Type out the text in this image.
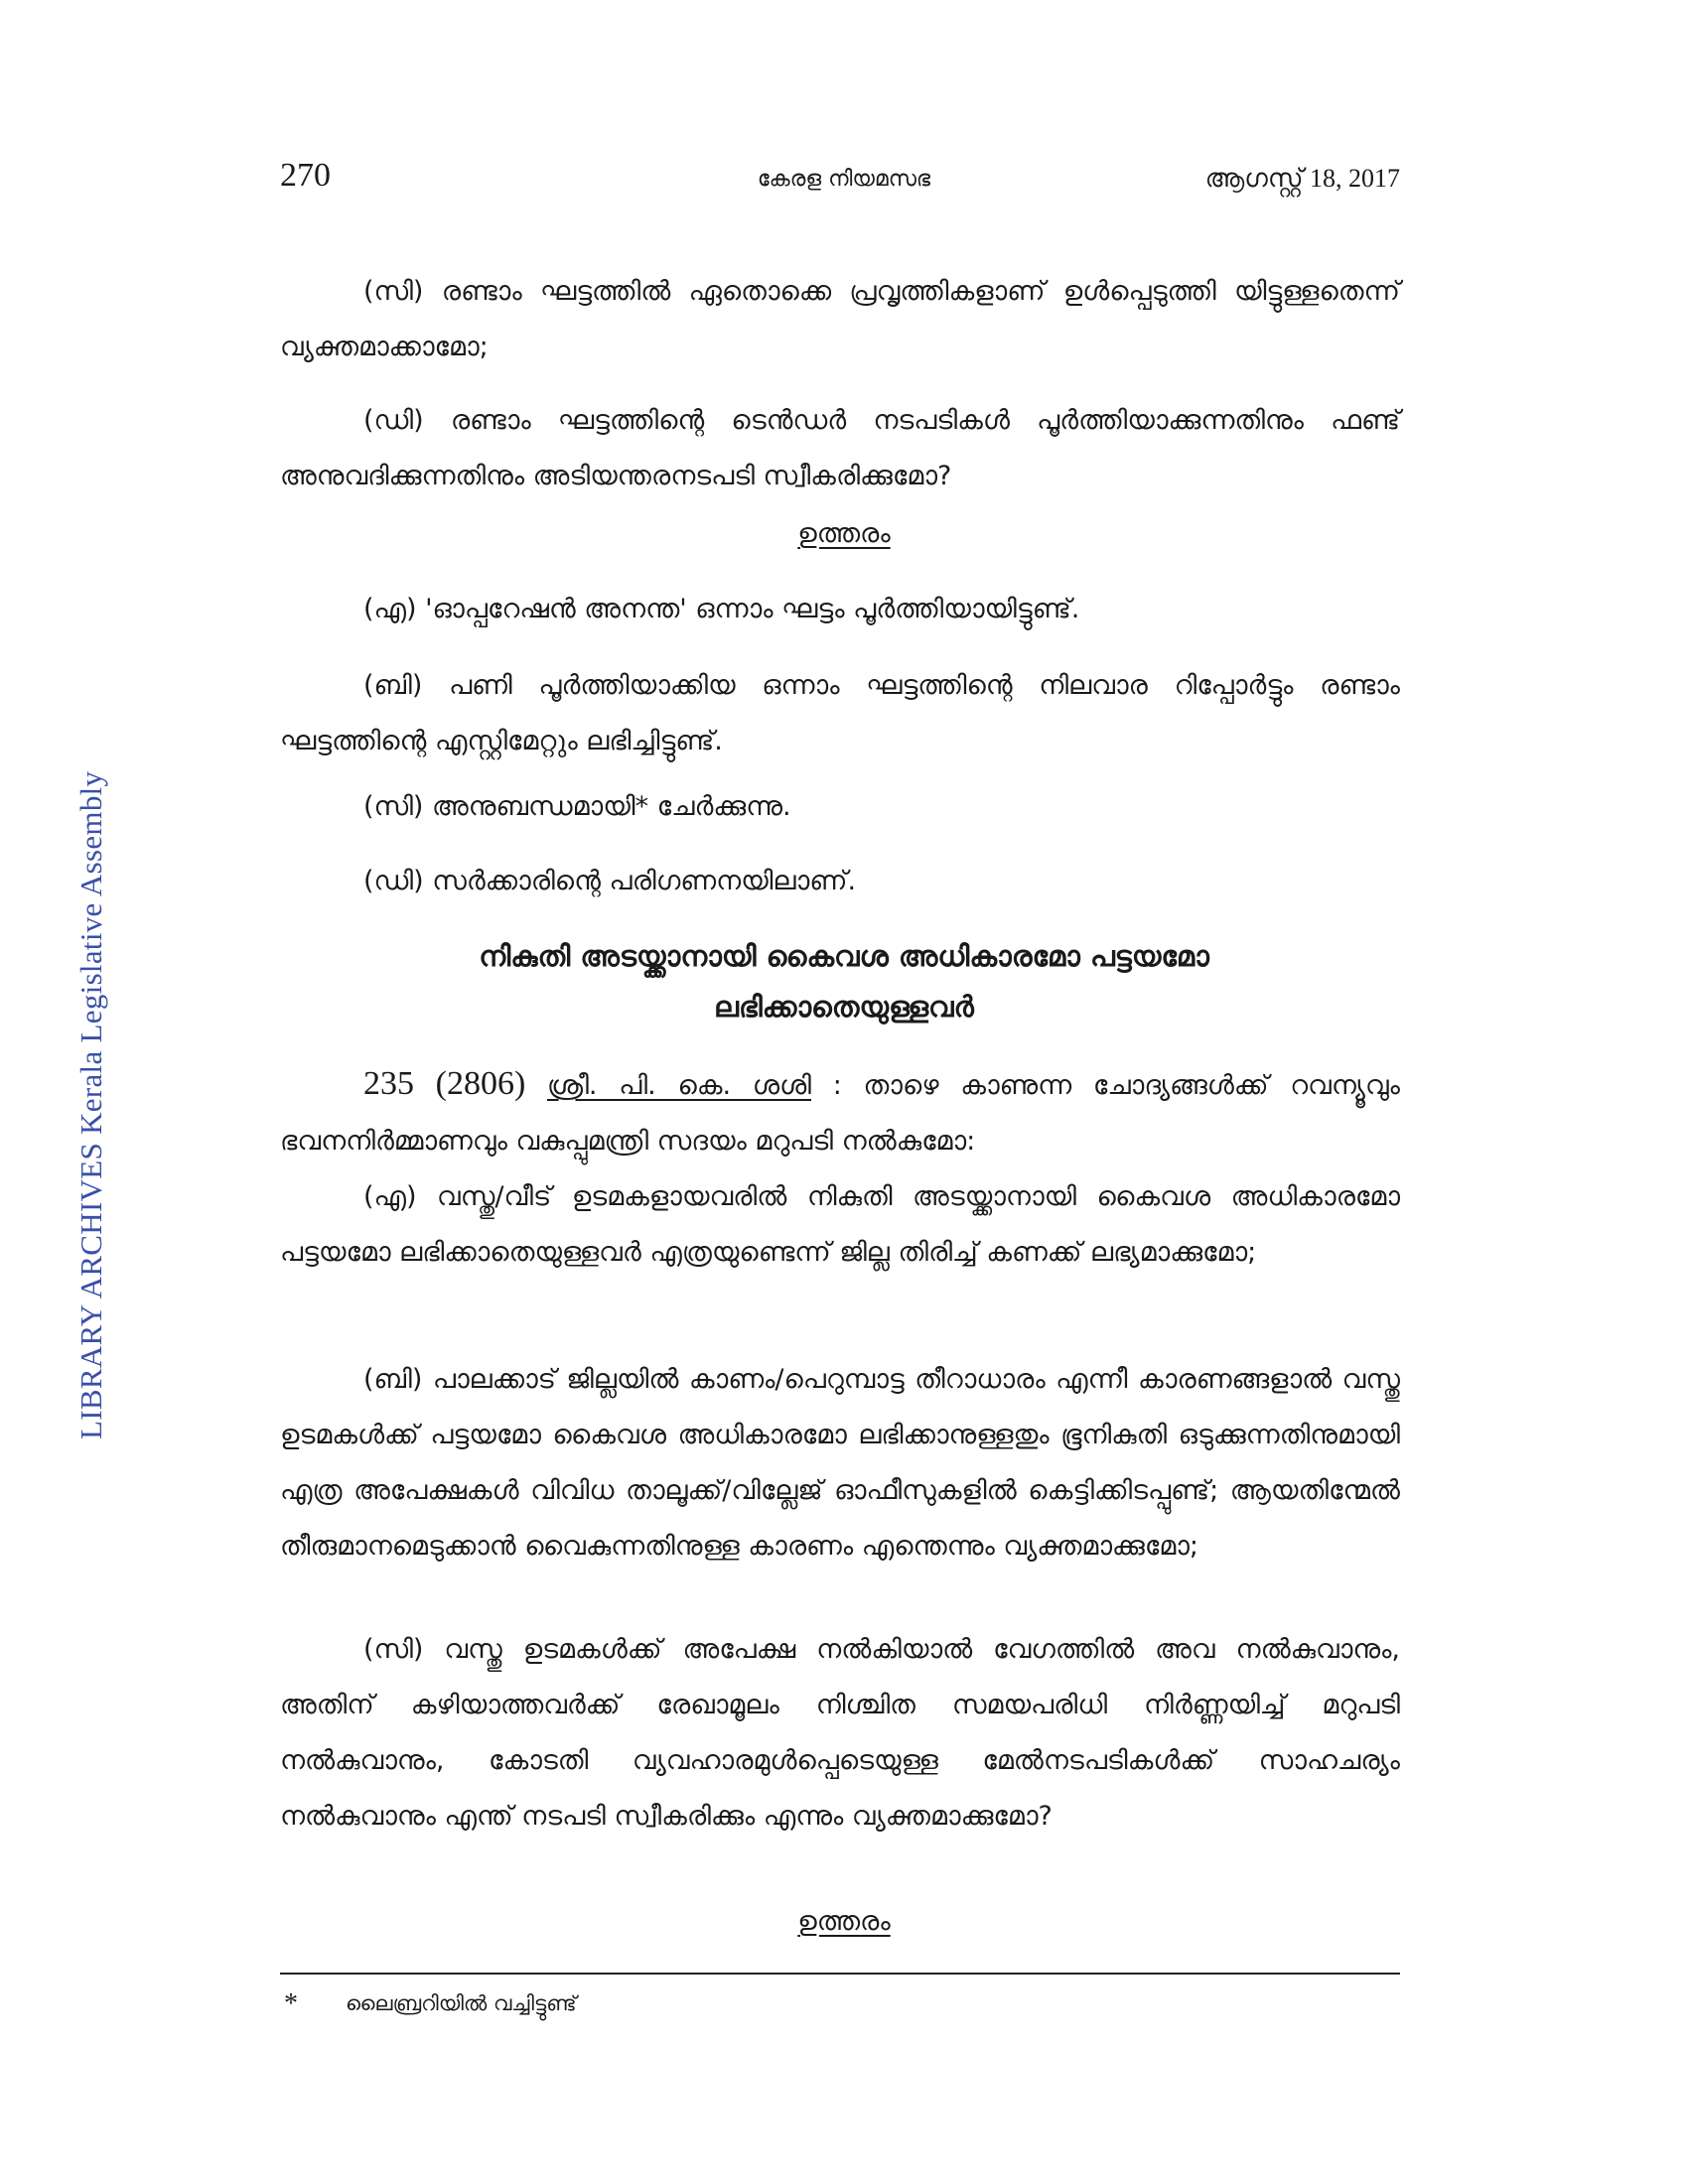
270	കേരള നിയമസഭ	ആഗസ്റ്റ് 18, 2017
LIBRARY ARCHIVES Kerala Legislative Assembly

(സി) രണ്ടാം ഘട്ടത്തിൽ ഏതൊക്കെ പ്രവൃത്തികളാണ് ഉൾപ്പെടുത്തി യിട്ടുള്ളതെന്ന് വ്യക്തമാക്കാമോ;

(ഡി) രണ്ടാം ഘട്ടത്തിന്റെ ടെൻഡർ നടപടികൾ പൂർത്തിയാക്കുന്നതിനും ഫണ്ട് അനുവദിക്കുന്നതിനും അടിയന്തരനടപടി സ്വീകരിക്കുമോ?

ഉത്തരം
(എ) 'ഓപ്പറേഷൻ അനന്ത' ഒന്നാം ഘട്ടം പൂർത്തിയായിട്ടുണ്ട്.

(ബി) പണി പൂർത്തിയാക്കിയ ഒന്നാം ഘട്ടത്തിന്റെ നിലവാര റിപ്പോർട്ടും രണ്ടാം ഘട്ടത്തിന്റെ എസ്റ്റിമേറ്റും ലഭിച്ചിട്ടുണ്ട്.

(സി) അനുബന്ധമായി* ചേർക്കുന്നു.
(ഡി) സർക്കാരിന്റെ പരിഗണനയിലാണ്.
നികുതി അടയ്ക്കാനായി കൈവശ അധികാരമോ പട്ടയമോ
ലഭിക്കാതെയുള്ളവർ

235 (2806) ശ്രീ. പി. കെ. ശശി : താഴെ കാണുന്ന ചോദ്യങ്ങൾക്ക് റവന്യൂവും ഭവനനിർമ്മാണവും വകുപ്പുമന്ത്രി സദയം മറുപടി നൽകുമോ:

(എ) വസ്തു/വീട് ഉടമകളായവരിൽ നികുതി അടയ്ക്കാനായി കൈവശ അധികാരമോ പട്ടയമോ ലഭിക്കാതെയുള്ളവർ എത്രയുണ്ടെന്ന് ജില്ല തിരിച്ച് കണക്ക് ലഭ്യമാക്കുമോ;

(ബി) പാലക്കാട് ജില്ലയിൽ കാണം/പെറുമ്പാട്ട തീറാധാരം എന്നീ കാരണങ്ങളാൽ വസ്തു ഉടമകൾക്ക് പട്ടയമോ കൈവശ അധികാരമോ ലഭിക്കാനുള്ളതും ഭൂനികുതി ഒടുക്കുന്നതിനുമായി എത്ര അപേക്ഷകൾ വിവിധ താലൂക്ക്/വില്ലേജ് ഓഫീസുകളിൽ കെട്ടിക്കിടപ്പുണ്ട്; ആയതിന്മേൽ തീരുമാനമെടുക്കാൻ വൈകുന്നതിനുള്ള കാരണം എന്തെന്നും വ്യക്തമാക്കുമോ;

(സി) വസ്തു ഉടമകൾക്ക് അപേക്ഷ നൽകിയാൽ വേഗത്തിൽ അവ നൽകുവാനും, അതിന് കഴിയാത്തവർക്ക് രേഖാമൂലം നിശ്ചിത സമയപരിധി നിർണ്ണയിച്ച് മറുപടി നൽകുവാനും, കോടതി വ്യവഹാരമുൾപ്പെടെയുള്ള മേൽനടപടികൾക്ക് സാഹചര്യം നൽകുവാനും എന്ത് നടപടി സ്വീകരിക്കും എന്നും വ്യക്തമാക്കുമോ?

ഉത്തരം
* ലൈബ്രറിയിൽ വച്ചിട്ടുണ്ട്
